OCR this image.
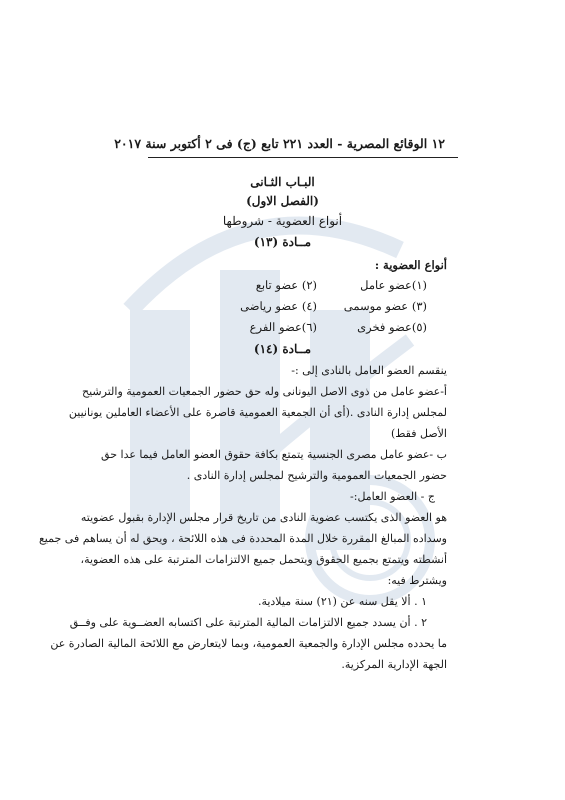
١٢ الوقائع المصرية - العدد ٢٢١ تابع (ج) فى ٢ أكتوبر سنة ٢٠١٧
البـاب الثـانى
(الفصل الاول)
أنواع العضوية - شروطها
مــادة (١٣)
أنواع العضوية :
(١)عضو عامل
(٢) عضو تابع
(٣) عضو موسمى
(٤) عضو رياضى
(٥)عضو فخرى
(٦)عضو الفرع
مــادة (١٤)
ينقسم العضو العامل بالنادى إلى :-
أ-عضو عامل من ذوى الاصل اليونانى وله حق حضور الجمعيات العمومية والترشيح
لمجلس إدارة النادى .(أى أن الجمعية العمومية قاصرة على الأعضاء العاملين يونانيين
الأصل فقط)
ب -عضو عامل مصرى الجنسية يتمتع بكافة حقوق العضو العامل فيما عدا حق
حضور الجمعيات العمومية والترشيح لمجلس إدارة النادى .
ج - العضو العامل:-
هو العضو الذى يكتسب عضوية النادى من تاريخ قرار مجلس الإدارة بقبول عضويته
وسداده المبالغ المقررة خلال المدة المحددة فى هذه اللائحة ، ويحق له أن يساهم فى جميع
أنشطته ويتمتع بجميع الحقوق ويتحمل جميع الالتزامات المترتبة على هذه العضوية،
ويشترط فيه:
١ . ألا يقل سنه عن (٢١) سنة ميلادية.
٢ . أن يسدد جميع الالتزامات المالية المترتبة على اكتسابه العضــوية على وفــق
ما يحدده مجلس الإدارة والجمعية العمومية، وبما لايتعارض مع اللائحة المالية الصادرة عن
الجهة الإدارية المركزية.
